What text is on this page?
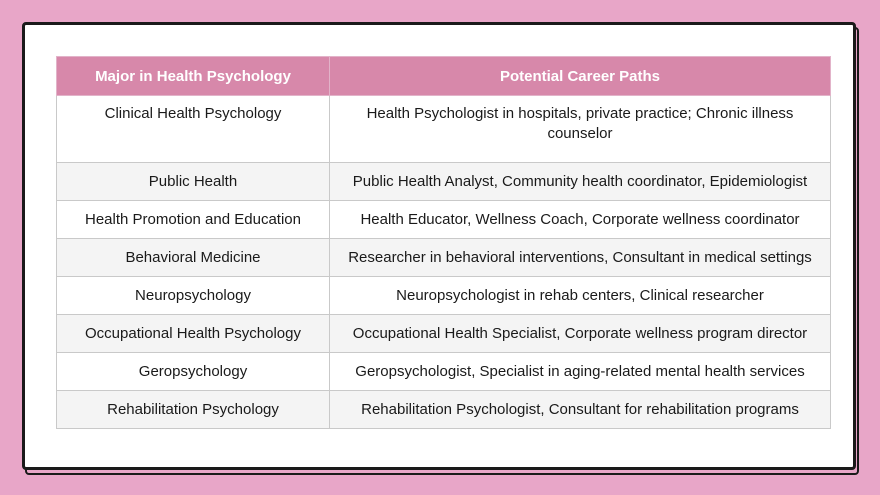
Major in Health Psychology	Potential Career Paths
Clinical Health Psychology	Health Psychologist in hospitals, private practice; Chronic illness counselor
Public Health	Public Health Analyst, Community health coordinator, Epidemiologist
Health Promotion and Education	Health Educator, Wellness Coach, Corporate wellness coordinator
Behavioral Medicine	Researcher in behavioral interventions, Consultant in medical settings
Neuropsychology	Neuropsychologist in rehab centers, Clinical researcher
Occupational Health Psychology	Occupational Health Specialist, Corporate wellness program director
Geropsychology	Geropsychologist, Specialist in aging-related mental health services
Rehabilitation Psychology	Rehabilitation Psychologist, Consultant for rehabilitation programs
